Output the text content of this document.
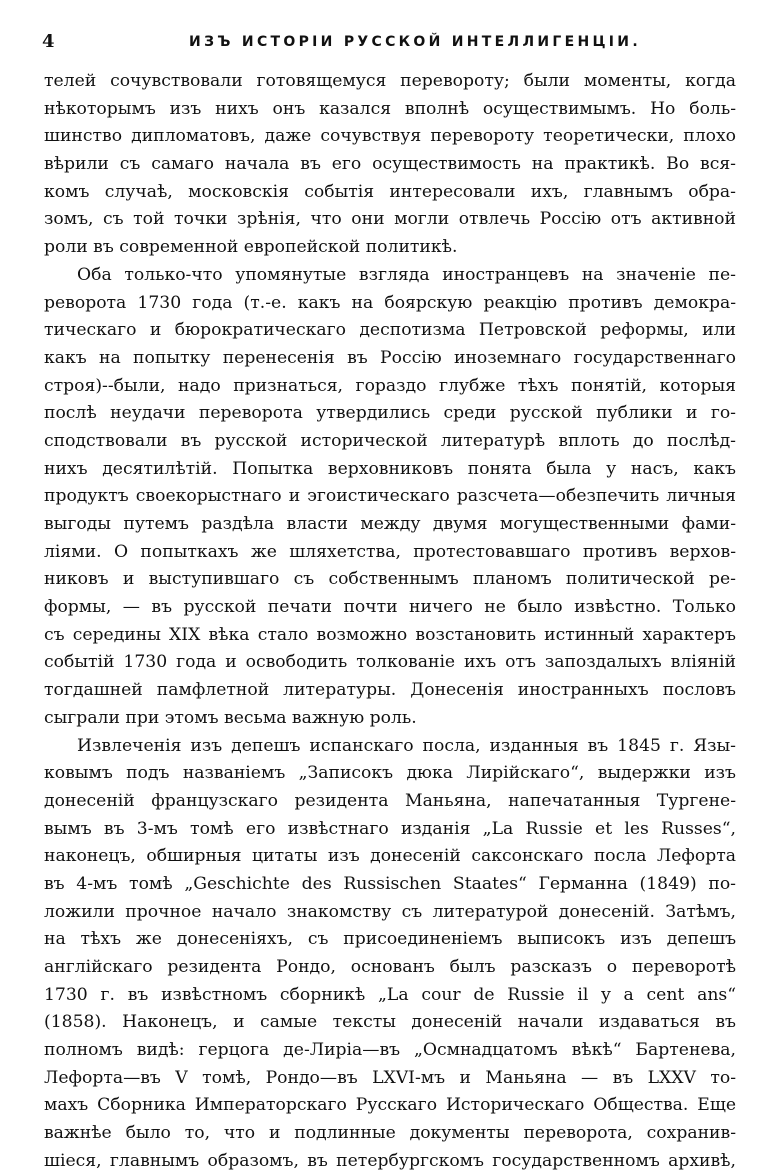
4	ИЗЪ ИСТОРІИ РУССКОЙ ИНТЕЛЛИГЕНЦІИ.
телей сочувствовали готовящемуся перевороту; были моменты, когда
нѣкоторымъ изъ нихъ онъ казался вполнѣ осуществимымъ. Но боль-
шинство дипломатовъ, даже сочувствуя перевороту теоретически, плохо
вѣрили съ самаго начала въ его осуществимость на практикѣ. Во вся-
комъ случаѣ, московскія событія интересовали ихъ, главнымъ обра-
зомъ, съ той точки зрѣнія, что они могли отвлечь Россію отъ активной
роли въ современной европейской политикѣ.
Оба только-что упомянутые взгляда иностранцевъ на значеніе пе-
реворота 1730 года (т.-е. какъ на боярскую реакцію противъ демокра-
тическаго и бюрократическаго деспотизма Петровской реформы, или
какъ на попытку перенесенія въ Россію иноземнаго государственнаго
строя)--были, надо признаться, гораздо глубже тѣхъ понятій, которыя
послѣ неудачи переворота утвердились среди русской публики и го-
сподствовали въ русской исторической литературѣ вплоть до послѣд-
нихъ десятилѣтій. Попытка верховниковъ понята была у насъ, какъ
продуктъ своекорыстнаго и эгоистическаго разсчета—обезпечить личныя
выгоды путемъ раздѣла власти между двумя могущественными фами-
ліями. О попыткахъ же шляхетства, протестовавшаго противъ верхов-
никовъ и выступившаго съ собственнымъ планомъ политической ре-
формы, — въ русской печати почти ничего не было извѣстно. Только
съ середины XIX вѣка стало возможно возстановить истинный характеръ
событій 1730 года и освободить толкованіе ихъ отъ запоздалыхъ вліяній
тогдашней памфлетной литературы. Донесенія иностранныхъ пословъ
сыграли при этомъ весьма важную роль.
Извлеченія изъ депешъ испанскаго посла, изданныя въ 1845 г. Язы-
ковымъ подъ названіемъ „Записокъ дюка Лирійскаго“, выдержки изъ
донесеній французскаго резидента Маньяна, напечатанныя Тургене-
вымъ въ 3-мъ томѣ его извѣстнаго изданія „La Russie et les Russes“,
наконецъ, обширныя цитаты изъ донесеній саксонскаго посла Лефорта
въ 4-мъ томѣ „Geschichte des Russischen Staates“ Германна (1849) по-
ложили прочное начало знакомству съ литературой донесеній. Затѣмъ,
на тѣхъ же донесеніяхъ, съ присоединеніемъ выписокъ изъ депешъ
англійскаго резидента Рондо, основанъ былъ разсказъ о переворотѣ
1730 г. въ извѣстномъ сборникѣ „La cour de Russie il y a cent ans“
(1858). Наконецъ, и самые тексты донесеній начали издаваться въ
полномъ видѣ: герцога де-Лиріа—въ „Осмнадцатомъ вѣкѣ“ Бартенева,
Лефорта—въ V томѣ, Рондо—въ LXVI-мъ и Маньяна — въ LXXV то-
махъ Сборника Императорскаго Русскаго Историческаго Общества. Еще
важнѣе было то, что и подлинные документы переворота, сохранив-
шіеся, главнымъ образомъ, въ петербургскомъ государственномъ архивѣ,
